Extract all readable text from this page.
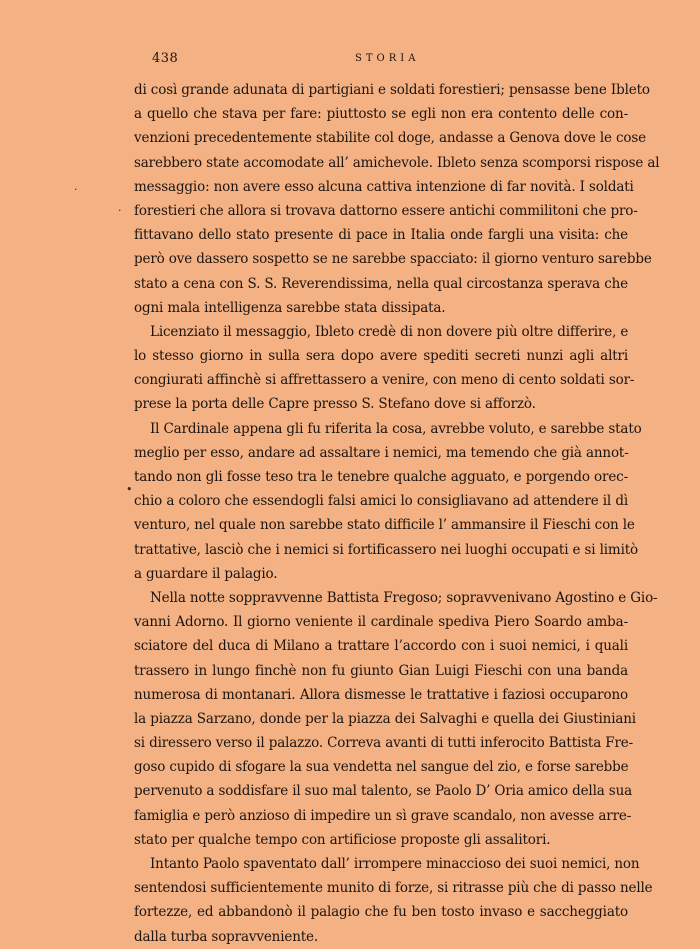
438	STORIA
·
·
•
di così grande adunata di partigiani e soldati forestieri; pensasse bene Ibleto
a quello che stava per fare: piuttosto se egli non era contento delle con-
venzioni precedentemente stabilite col doge, andasse a Genova dove le cose
sarebbero state accomodate all’ amichevole. Ibleto senza scomporsi rispose al
messaggio: non avere esso alcuna cattiva intenzione di far novità. I soldati
forestieri che allora si trovava dattorno essere antichi commilitoni che pro-
fittavano dello stato presente di pace in Italia onde fargli una visita: che
però ove dassero sospetto se ne sarebbe spacciato: il giorno venturo sarebbe
stato a cena con S. S. Reverendissima, nella qual circostanza sperava che
ogni mala intelligenza sarebbe stata dissipata.
Licenziato il messaggio, Ibleto credè di non dovere più oltre differire, e
lo stesso giorno in sulla sera dopo avere spediti secreti nunzi agli altri
congiurati affinchè si affrettassero a venire, con meno di cento soldati sor-
prese la porta delle Capre presso S. Stefano dove si afforzò.
Il Cardinale appena gli fu riferita la cosa, avrebbe voluto, e sarebbe stato
meglio per esso, andare ad assaltare i nemici, ma temendo che già annot-
tando non gli fosse teso tra le tenebre qualche agguato, e porgendo orec-
chio a coloro che essendogli falsi amici lo consigliavano ad attendere il dì
venturo, nel quale non sarebbe stato difficile l’ ammansire il Fieschi con le
trattative, lasciò che i nemici si fortificassero nei luoghi occupati e si limitò
a guardare il palagio.
Nella notte soppravvenne Battista Fregoso; sopravvenivano Agostino e Gio-
vanni Adorno. Il giorno veniente il cardinale spediva Piero Soardo amba-
sciatore del duca di Milano a trattare l’accordo con i suoi nemici, i quali
trassero in lungo finchè non fu giunto Gian Luigi Fieschi con una banda
numerosa di montanari. Allora dismesse le trattative i faziosi occuparono
la piazza Sarzano, donde per la piazza dei Salvaghi e quella dei Giustiniani
si diressero verso il palazzo. Correva avanti di tutti inferocito Battista Fre-
goso cupido di sfogare la sua vendetta nel sangue del zio, e forse sarebbe
pervenuto a soddisfare il suo mal talento, se Paolo D’ Oria amico della sua
famiglia e però anzioso di impedire un sì grave scandalo, non avesse arre-
stato per qualche tempo con artificiose proposte gli assalitori.
Intanto Paolo spaventato dall’ irrompere minaccioso dei suoi nemici, non
sentendosi sufficientemente munito di forze, si ritrasse più che di passo nelle
fortezze, ed abbandonò il palagio che fu ben tosto invaso e saccheggiato
dalla turba sopravveniente.
